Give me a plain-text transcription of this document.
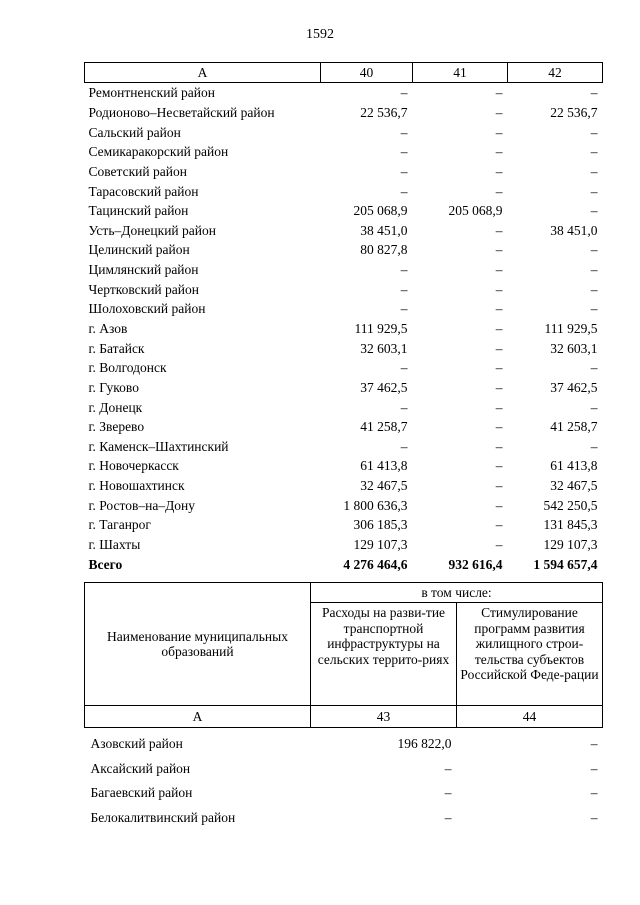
1592
А	40	41	42
Ремонтненский район	–	–	–
Родионово–Несветайский район	22 536,7	–	22 536,7
Сальский район	–	–	–
Семикаракорский район	–	–	–
Советский район	–	–	–
Тарасовский район	–	–	–
Тацинский район	205 068,9	205 068,9	–
Усть–Донецкий район	38 451,0	–	38 451,0
Целинский район	80 827,8	–	–
Цимлянский район	–	–	–
Чертковский район	–	–	–
Шолоховский район	–	–	–
г. Азов	111 929,5	–	111 929,5
г. Батайск	32 603,1	–	32 603,1
г. Волгодонск	–	–	–
г. Гуково	37 462,5	–	37 462,5
г. Донецк	–	–	–
г. Зверево	41 258,7	–	41 258,7
г. Каменск–Шахтинский	–	–	–
г. Новочеркасск	61 413,8	–	61 413,8
г. Новошахтинск	32 467,5	–	32 467,5
г. Ростов–на–Дону	1 800 636,3	–	542 250,5
г. Таганрог	306 185,3	–	131 845,3
г. Шахты	129 107,3	–	129 107,3
Всего	4 276 464,6	932 616,4	1 594 657,4
Наименование муниципальных образований	в том числе:	
	Расходы на разви-тие транспортной инфраструктуры на сельских террито-риях	Стимулирование программ развития жилищного строи-тельства субъектов Российской Феде-рации
А	43	44
Азовский район	196 822,0	–
Аксайский район	–	–
Багаевский район	–	–
Белокалитвинский район	–	–
